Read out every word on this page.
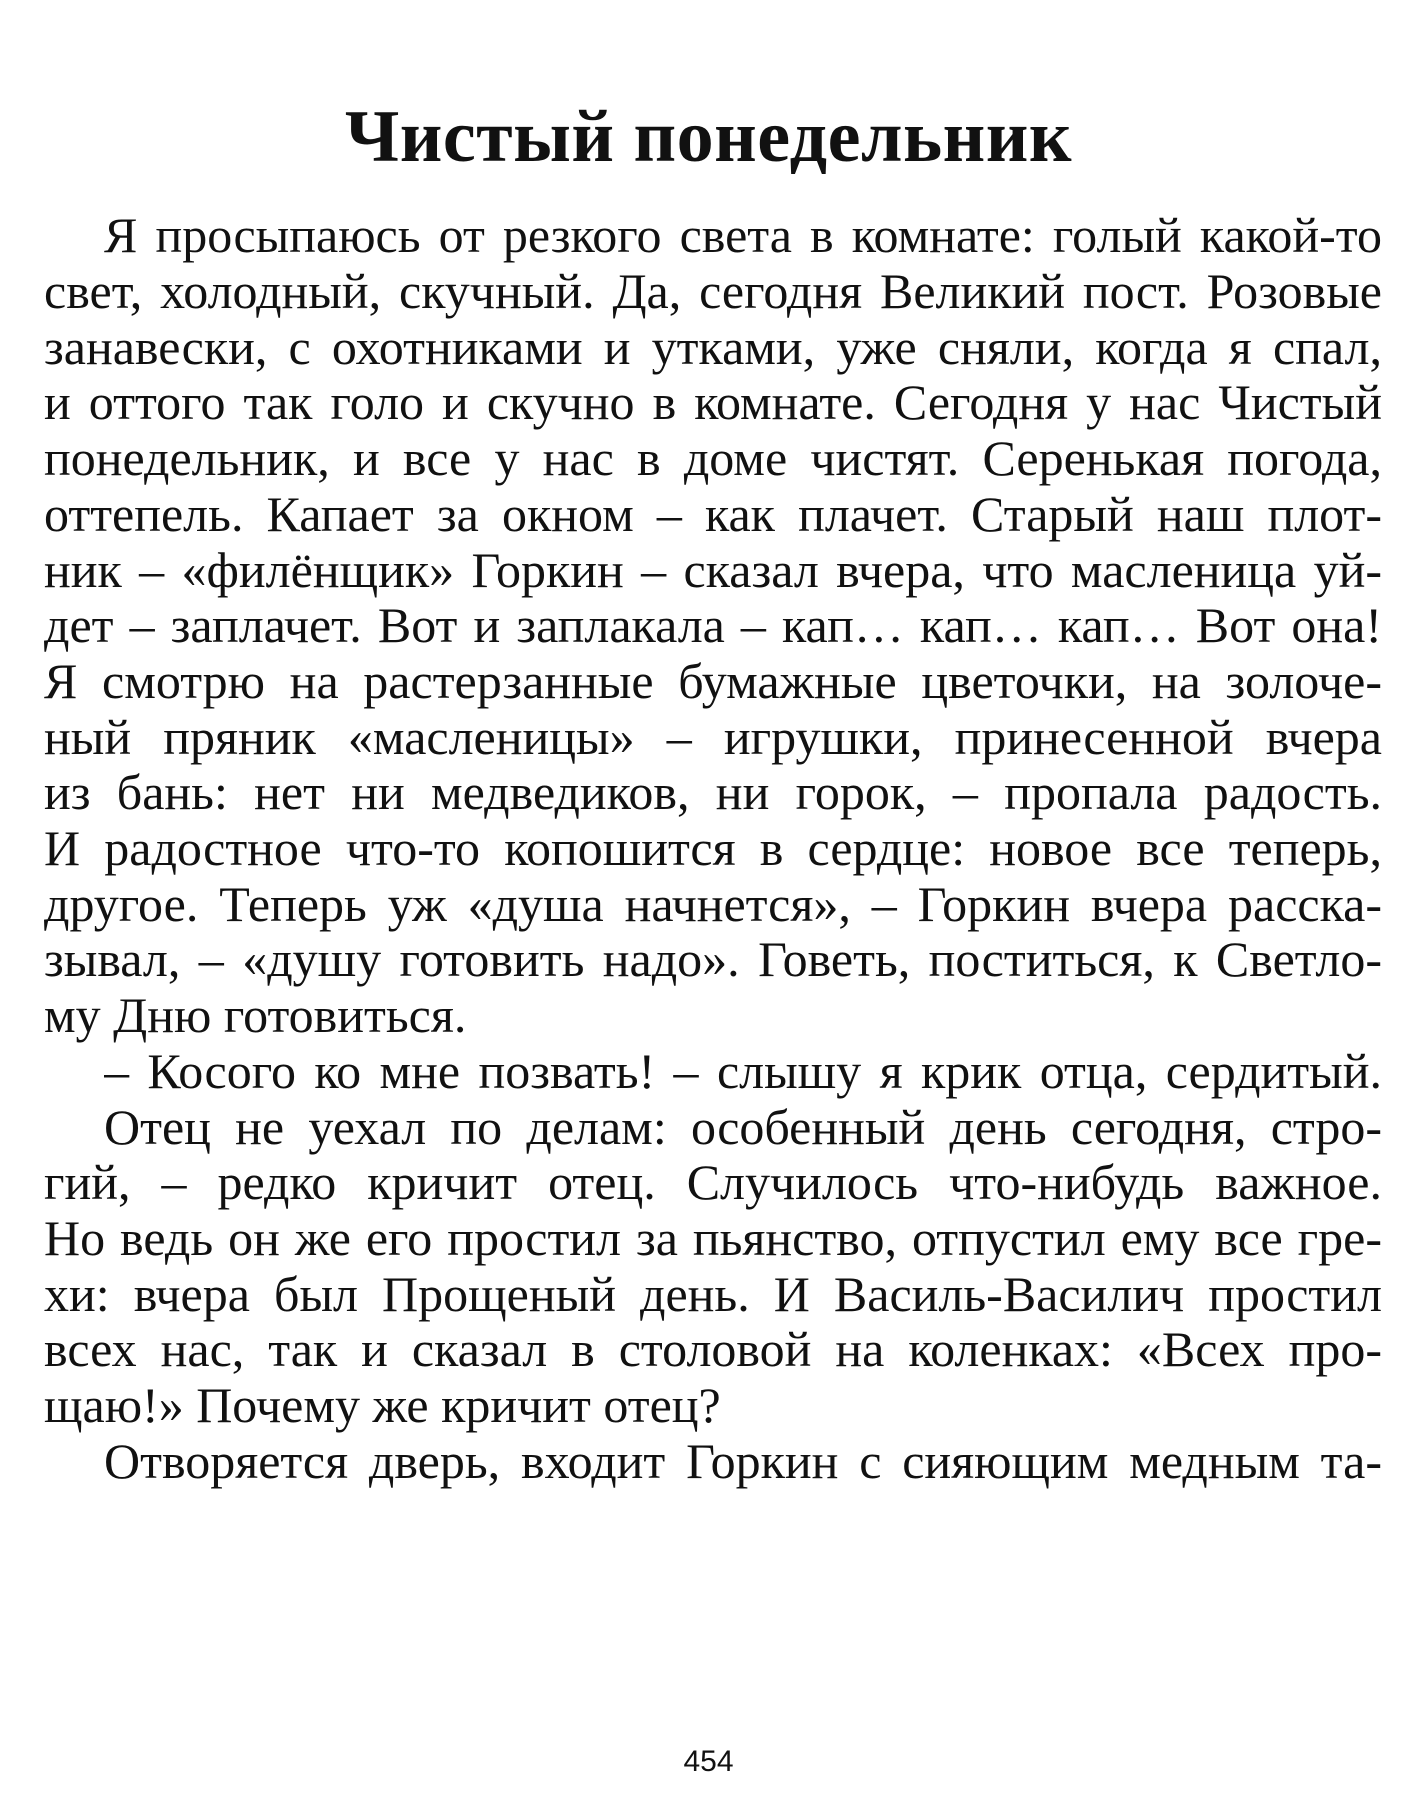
Чистый понедельник
Я просыпаюсь от резкого света в комнате: голый какой-то
свет, холодный, скучный. Да, сегодня Великий пост. Розовые
занавески, с охотниками и утками, уже сняли, когда я спал,
и оттого так голо и скучно в комнате. Сегодня у нас Чистый
понедельник, и все у нас в доме чистят. Серенькая погода,
оттепель. Капает за окном – как плачет. Старый наш плот-
ник – «филёнщик» Горкин – сказал вчера, что масленица уй-
дет – заплачет. Вот и заплакала – кап… кап… кап… Вот она!
Я смотрю на растерзанные бумажные цветочки, на золоче-
ный пряник «масленицы» – игрушки, принесенной вчера
из бань: нет ни медведиков, ни горок, – пропала радость.
И радостное что-то копошится в сердце: новое все теперь,
другое. Теперь уж «душа начнется», – Горкин вчера расска-
зывал, – «душу готовить надо». Говеть, поститься, к Светло-
му Дню готовиться.
– Косого ко мне позвать! – слышу я крик отца, сердитый.
Отец не уехал по делам: особенный день сегодня, стро-
гий, – редко кричит отец. Случилось что-нибудь важное.
Но ведь он же его простил за пьянство, отпустил ему все гре-
хи: вчера был Прощеный день. И Василь-Василич простил
всех нас, так и сказал в столовой на коленках: «Всех про-
щаю!» Почему же кричит отец?
Отворяется дверь, входит Горкин с сияющим медным та-

454
